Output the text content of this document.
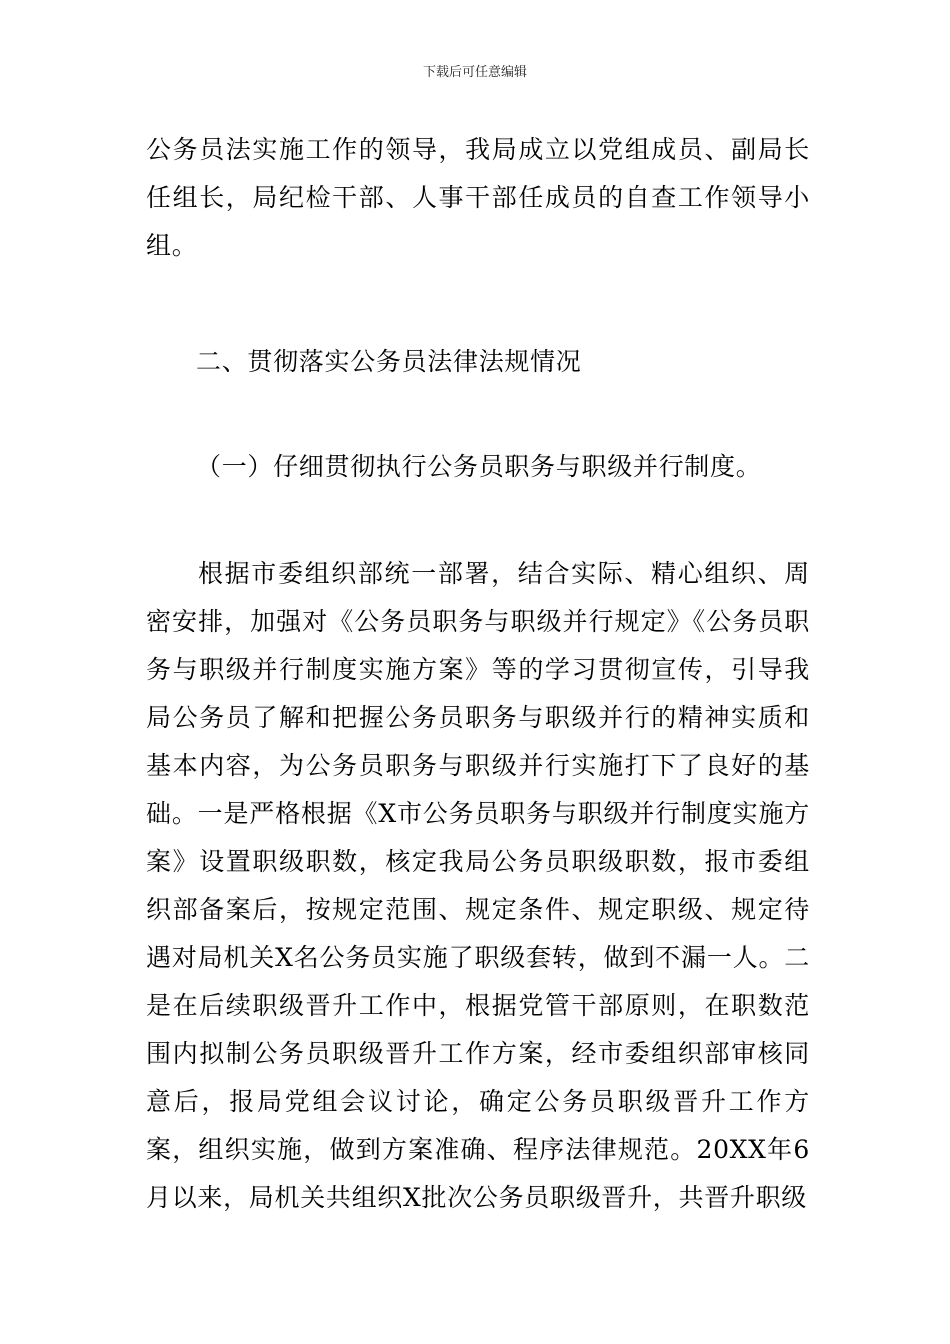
下载后可任意编辑

公务员法实施工作的领导，我局成立以党组成员、副局长任组长，局纪检干部、人事干部任成员的自查工作领导小组。

二、贯彻落实公务员法律法规情况

（一）仔细贯彻执行公务员职务与职级并行制度。

根据市委组织部统一部署，结合实际、精心组织、周密安排，加强对《公务员职务与职级并行规定》《公务员职务与职级并行制度实施方案》等的学习贯彻宣传，引导我局公务员了解和把握公务员职务与职级并行的精神实质和基本内容，为公务员职务与职级并行实施打下了良好的基础。一是严格根据《X市公务员职务与职级并行制度实施方案》设置职级职数，核定我局公务员职级职数，报市委组织部备案后，按规定范围、规定条件、规定职级、规定待遇对局机关X名公务员实施了职级套转，做到不漏一人。二是在后续职级晋升工作中，根据党管干部原则，在职数范围内拟制公务员职级晋升工作方案，经市委组织部审核同意后，报局党组会议讨论，确定公务员职级晋升工作方案，组织实施，做到方案准确、程序法律规范。20XX年6月以来，局机关共组织X批次公务员职级晋升，共晋升职级
